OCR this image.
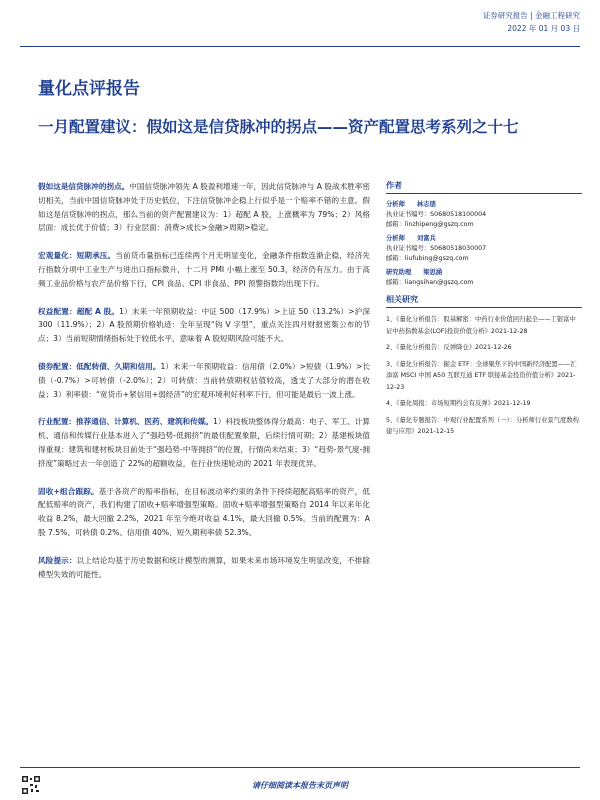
证券研究报告 | 金融工程研究
2022 年 01 月 03 日
量化点评报告
一月配置建议：假如这是信贷脉冲的拐点——资产配置思考系列之十七

假如这是信贷脉冲的拐点。中国信贷脉冲领先 A 股盈利增速一年，因此信贷脉冲与 A 股战术胜率密切相关，当前中国信贷脉冲处于历史低位，下注信贷脉冲企稳上行似乎是一个赔率不错的主意。假如这是信贷脉冲的拐点，那么当前的资产配置建议为：1）超配 A 股，上涨概率为 79%；2）风格层面：成长优于价值；3）行业层面：消费>成长>金融>周期>稳定。

宏观量化：短期承压。当前货币量指标已连续两个月无明显变化，金融条件指数连渐企稳，经济先行指数分项中工业生产与进出口指标微升，十二月 PMI 小幅上涨至 50.3，经济仍有压力。由于高频工业品价格与农产品价格下行，CPI 食品、CPI 非食品、PPI 预警指数均出现下行。

权益配置：超配 A 股。1）未来一年预期收益：中证 500（17.9%）>上证 50（13.2%）>沪深 300（11.9%）；2）A 股预期价格轨迹：全年呈现“钩 V 字型”，重点关注四月财报密集公布的节点；3）当前短期情绪指标处于较低水平，意味着 A 股短期风险可能不大。

债券配置：低配转债、久期和信用。1）未来一年预期收益：信用债（2.0%）>短债（1.9%）>长债（-0.7%）>可转债（-2.0%）；2）可转债：当前转债期权估值较高，透支了大部分的潜在收益；3）利率债：“宽货币+紧信用+弱经济”的宏观环境利好利率下行，但可能是最后一波上涨。

行业配置：推荐通信、计算机、医药、建筑和传媒。1）科技板块整体得分最高：电子、军工、计算机、通信和传媒行业基本进入了“强趋势-低拥挤”的最佳配置象限，后续行情可期；2）基建板块值得重视：建筑和建材板块目前处于“强趋势-中等拥挤”的位置，行情尚未结束；3）“趋势-景气度-拥挤度”策略过去一年创造了 22%的超额收益，在行业快速轮动的 2021 年表现优异。

固收+组合跟踪。基于各资产的赔率指标，在目标波动率约束的条件下持续超配高赔率的资产，低配低赔率的资产，我们构建了固收+赔率增强型策略。固收+赔率增强型策略自 2014 年以来年化收益 8.2%，最大回撤 2.2%，2021 年至今绝对收益 4.1%，最大回撤 0.5%。当前的配置为：A 股 7.5%、可转债 0.2%、信用债 40%、短久期利率债 52.3%。

风险提示：以上结论均基于历史数据和统计模型的测算，如果未来市场环境发生明显改变，不排除模型失效的可能性。

作者
分析师 林志朋
执业证书编号：S0680518100004
邮箱：linzhipeng@gszq.com
分析师 刘富兵
执业证书编号：S0680518030007
邮箱：liufubing@gszq.com
研究助理 梁思涵
邮箱：liangsihan@gszq.com
相关研究
1、《量化分析报告：股基解密：中药行业价值回归起全——工银富中证中药指数基金(LOF)投资价值分析》2021-12-28
2、《量化分析报告：反弹降仓》2021-12-26
3、《量化分析报告：掘金 ETF：全球聚焦下的中国新经济配置——汇添富 MSCI 中国 A50 互联互通 ETF 联接基金投资价值分析》2021-12-23
4、《量化周报：市场短期约会有反弹》2021-12-19
5、《量化专题报告：中观行业配置系列（一）：分析师行业景气度数构建与应用》2021-12-15
请仔细阅读本报告末页声明
